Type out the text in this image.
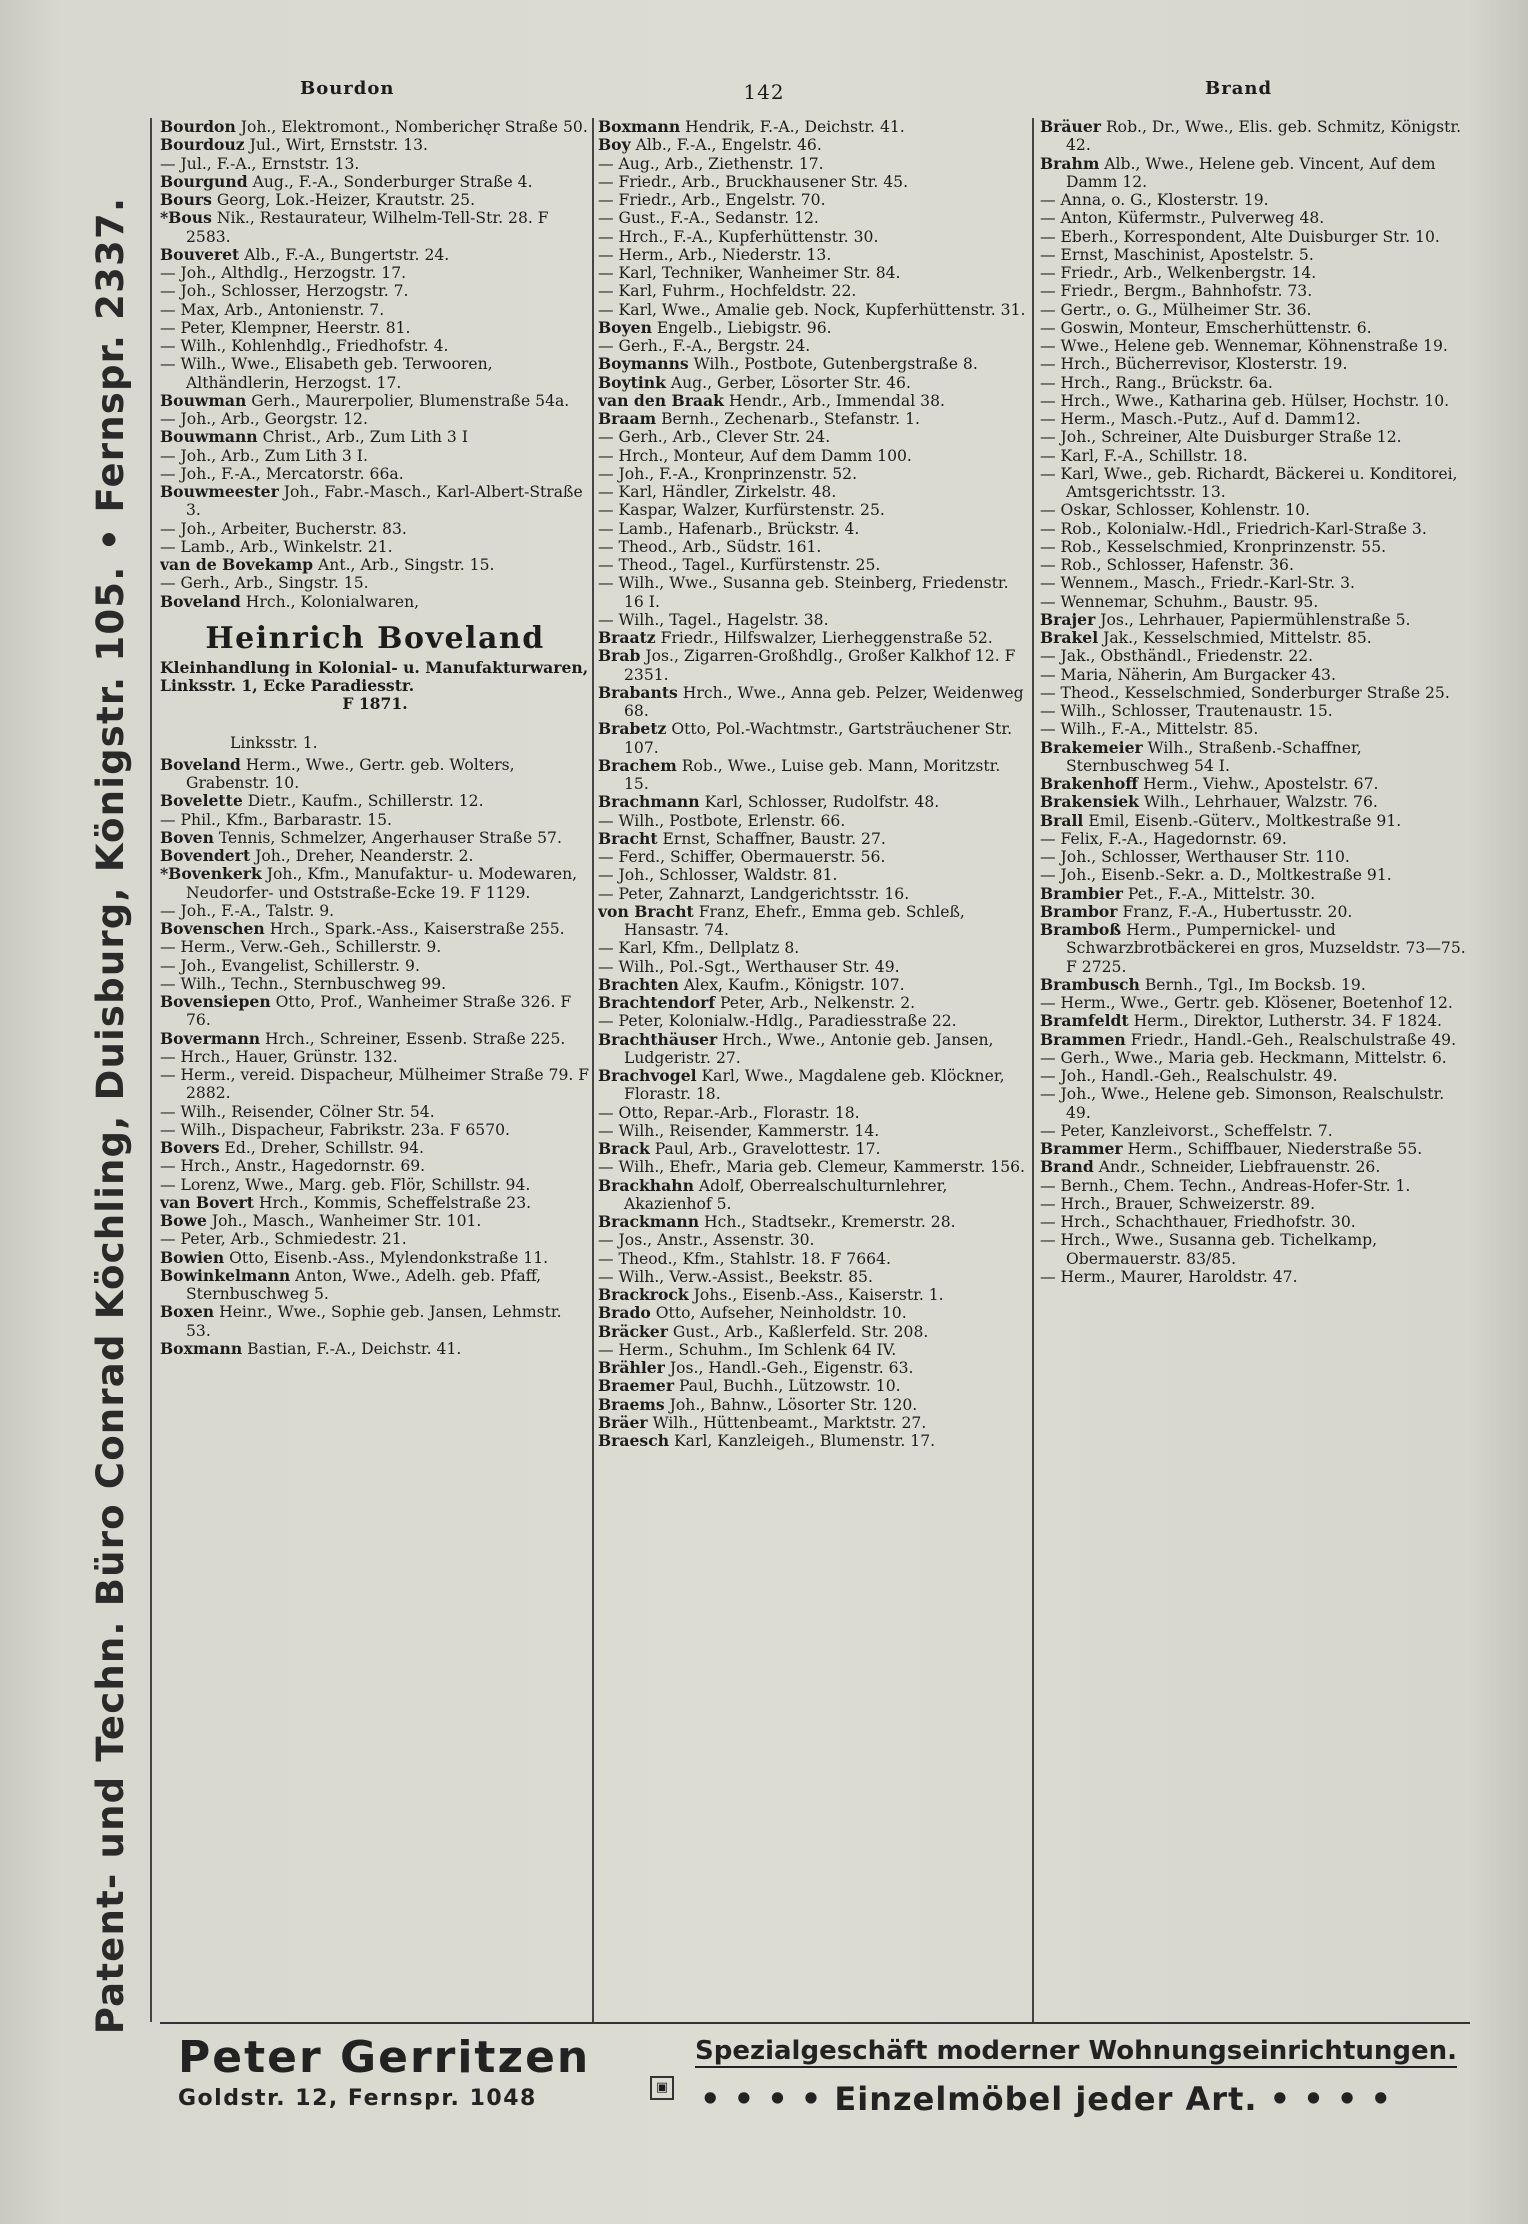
Patent- und Techn. Büro Conrad Köchling, Duisburg, Königstr. 105. • Fernspr. 2337.
Bourdon	142	Brand

Bourdon Joh., Elektromont., Nomberichęr Straße 50.

Bourdouz Jul., Wirt, Ernststr. 13.

— Jul., F.-A., Ernststr. 13.

Bourgund Aug., F.-A., Sonderburger Straße 4.

Bours Georg, Lok.-Heizer, Krautstr. 25.

*Bous Nik., Restaurateur, Wilhelm-Tell-Str. 28. F 2583.

Bouveret Alb., F.-A., Bungertstr. 24.

— Joh., Althdlg., Herzogstr. 17.

— Joh., Schlosser, Herzogstr. 7.

— Max, Arb., Antonienstr. 7.

— Peter, Klempner, Heerstr. 81.

— Wilh., Kohlenhdlg., Friedhofstr. 4.

— Wilh., Wwe., Elisabeth geb. Terwooren, Althändlerin, Herzogst. 17.

Bouwman Gerh., Maurerpolier, Blumenstraße 54a.

— Joh., Arb., Georgstr. 12.

Bouwmann Christ., Arb., Zum Lith 3 I

— Joh., Arb., Zum Lith 3 I.

— Joh., F.-A., Mercatorstr. 66a.

Bouwmeester Joh., Fabr.-Masch., Karl-Albert-Straße 3.

— Joh., Arbeiter, Bucherstr. 83.

— Lamb., Arb., Winkelstr. 21.

van de Bovekamp Ant., Arb., Singstr. 15.

— Gerh., Arb., Singstr. 15.

Boveland Hrch., Kolonialwaren,

Heinrich Boveland
Kleinhandlung in Kolonial- u. Manufakturwaren, Linksstr. 1, Ecke Paradiesstr.
F 1871.
Linksstr. 1.

Boveland Herm., Wwe., Gertr. geb. Wolters, Grabenstr. 10.

Bovelette Dietr., Kaufm., Schillerstr. 12.

— Phil., Kfm., Barbarastr. 15.

Boven Tennis, Schmelzer, Angerhauser Straße 57.

Bovendert Joh., Dreher, Neanderstr. 2.

*Bovenkerk Joh., Kfm., Manufaktur- u. Modewaren, Neudorfer- und Oststraße-Ecke 19. F 1129.

— Joh., F.-A., Talstr. 9.

Bovenschen Hrch., Spark.-Ass., Kaiserstraße 255.

— Herm., Verw.-Geh., Schillerstr. 9.

— Joh., Evangelist, Schillerstr. 9.

— Wilh., Techn., Sternbuschweg 99.

Bovensiepen Otto, Prof., Wanheimer Straße 326. F 76.

Bovermann Hrch., Schreiner, Essenb. Straße 225.

— Hrch., Hauer, Grünstr. 132.

— Herm., vereid. Dispacheur, Mülheimer Straße 79. F 2882.

— Wilh., Reisender, Cölner Str. 54.

— Wilh., Dispacheur, Fabrikstr. 23a. F 6570.

Bovers Ed., Dreher, Schillstr. 94.

— Hrch., Anstr., Hagedornstr. 69.

— Lorenz, Wwe., Marg. geb. Flör, Schillstr. 94.

van Bovert Hrch., Kommis, Scheffelstraße 23.

Bowe Joh., Masch., Wanheimer Str. 101.

— Peter, Arb., Schmiedestr. 21.

Bowien Otto, Eisenb.-Ass., Mylendonkstraße 11.

Bowinkelmann Anton, Wwe., Adelh. geb. Pfaff, Sternbuschweg 5.

Boxen Heinr., Wwe., Sophie geb. Jansen, Lehmstr. 53.

Boxmann Bastian, F.-A., Deichstr. 41.

Boxmann Hendrik, F.-A., Deichstr. 41.

Boy Alb., F.-A., Engelstr. 46.

— Aug., Arb., Ziethenstr. 17.

— Friedr., Arb., Bruckhausener Str. 45.

— Friedr., Arb., Engelstr. 70.

— Gust., F.-A., Sedanstr. 12.

— Hrch., F.-A., Kupferhüttenstr. 30.

— Herm., Arb., Niederstr. 13.

— Karl, Techniker, Wanheimer Str. 84.

— Karl, Fuhrm., Hochfeldstr. 22.

— Karl, Wwe., Amalie geb. Nock, Kupferhüttenstr. 31.

Boyen Engelb., Liebigstr. 96.

— Gerh., F.-A., Bergstr. 24.

Boymanns Wilh., Postbote, Gutenbergstraße 8.

Boytink Aug., Gerber, Lösorter Str. 46.

van den Braak Hendr., Arb., Immendal 38.

Braam Bernh., Zechenarb., Stefanstr. 1.

— Gerh., Arb., Clever Str. 24.

— Hrch., Monteur, Auf dem Damm 100.

— Joh., F.-A., Kronprinzenstr. 52.

— Karl, Händler, Zirkelstr. 48.

— Kaspar, Walzer, Kurfürstenstr. 25.

— Lamb., Hafenarb., Brückstr. 4.

— Theod., Arb., Südstr. 161.

— Theod., Tagel., Kurfürstenstr. 25.

— Wilh., Wwe., Susanna geb. Steinberg, Friedenstr. 16 I.

— Wilh., Tagel., Hagelstr. 38.

Braatz Friedr., Hilfswalzer, Lierheggenstraße 52.

Brab Jos., Zigarren-Großhdlg., Großer Kalkhof 12. F 2351.

Brabants Hrch., Wwe., Anna geb. Pelzer, Weidenweg 68.

Brabetz Otto, Pol.-Wachtmstr., Gartsträuchener Str. 107.

Brachem Rob., Wwe., Luise geb. Mann, Moritzstr. 15.

Brachmann Karl, Schlosser, Rudolfstr. 48.

— Wilh., Postbote, Erlenstr. 66.

Bracht Ernst, Schaffner, Baustr. 27.

— Ferd., Schiffer, Obermauerstr. 56.

— Joh., Schlosser, Waldstr. 81.

— Peter, Zahnarzt, Landgerichtsstr. 16.

von Bracht Franz, Ehefr., Emma geb. Schleß, Hansastr. 74.

— Karl, Kfm., Dellplatz 8.

— Wilh., Pol.-Sgt., Werthauser Str. 49.

Brachten Alex, Kaufm., Königstr. 107.

Brachtendorf Peter, Arb., Nelkenstr. 2.

— Peter, Kolonialw.-Hdlg., Paradiesstraße 22.

Brachthäuser Hrch., Wwe., Antonie geb. Jansen, Ludgeristr. 27.

Brachvogel Karl, Wwe., Magdalene geb. Klöckner, Florastr. 18.

— Otto, Repar.-Arb., Florastr. 18.

— Wilh., Reisender, Kammerstr. 14.

Brack Paul, Arb., Gravelottestr. 17.

— Wilh., Ehefr., Maria geb. Clemeur, Kammerstr. 156.

Brackhahn Adolf, Oberrealschulturnlehrer, Akazienhof 5.

Brackmann Hch., Stadtsekr., Kremerstr. 28.

— Jos., Anstr., Assenstr. 30.

— Theod., Kfm., Stahlstr. 18. F 7664.

— Wilh., Verw.-Assist., Beekstr. 85.

Brackrock Johs., Eisenb.-Ass., Kaiserstr. 1.

Brado Otto, Aufseher, Neinholdstr. 10.

Bräcker Gust., Arb., Kaßlerfeld. Str. 208.

— Herm., Schuhm., Im Schlenk 64 IV.

Brähler Jos., Handl.-Geh., Eigenstr. 63.

Braemer Paul, Buchh., Lützowstr. 10.

Braems Joh., Bahnw., Lösorter Str. 120.

Bräer Wilh., Hüttenbeamt., Marktstr. 27.

Braesch Karl, Kanzleigeh., Blumenstr. 17.

Bräuer Rob., Dr., Wwe., Elis. geb. Schmitz, Königstr. 42.

Brahm Alb., Wwe., Helene geb. Vincent, Auf dem Damm 12.

— Anna, o. G., Klosterstr. 19.

— Anton, Küfermstr., Pulverweg 48.

— Eberh., Korrespondent, Alte Duisburger Str. 10.

— Ernst, Maschinist, Apostelstr. 5.

— Friedr., Arb., Welkenbergstr. 14.

— Friedr., Bergm., Bahnhofstr. 73.

— Gertr., o. G., Mülheimer Str. 36.

— Goswin, Monteur, Emscherhüttenstr. 6.

— Wwe., Helene geb. Wennemar, Köhnenstraße 19.

— Hrch., Bücherrevisor, Klosterstr. 19.

— Hrch., Rang., Brückstr. 6a.

— Hrch., Wwe., Katharina geb. Hülser, Hochstr. 10.

— Herm., Masch.-Putz., Auf d. Damm12.

— Joh., Schreiner, Alte Duisburger Straße 12.

— Karl, F.-A., Schillstr. 18.

— Karl, Wwe., geb. Richardt, Bäckerei u. Konditorei, Amtsgerichtsstr. 13.

— Oskar, Schlosser, Kohlenstr. 10.

— Rob., Kolonialw.-Hdl., Friedrich-Karl-Straße 3.

— Rob., Kesselschmied, Kronprinzenstr. 55.

— Rob., Schlosser, Hafenstr. 36.

— Wennem., Masch., Friedr.-Karl-Str. 3.

— Wennemar, Schuhm., Baustr. 95.

Brajer Jos., Lehrhauer, Papiermühlenstraße 5.

Brakel Jak., Kesselschmied, Mittelstr. 85.

— Jak., Obsthändl., Friedenstr. 22.

— Maria, Näherin, Am Burgacker 43.

— Theod., Kesselschmied, Sonderburger Straße 25.

— Wilh., Schlosser, Trautenaustr. 15.

— Wilh., F.-A., Mittelstr. 85.

Brakemeier Wilh., Straßenb.-Schaffner, Sternbuschweg 54 I.

Brakenhoff Herm., Viehw., Apostelstr. 67.

Brakensiek Wilh., Lehrhauer, Walzstr. 76.

Brall Emil, Eisenb.-Güterv., Moltkestraße 91.

— Felix, F.-A., Hagedornstr. 69.

— Joh., Schlosser, Werthauser Str. 110.

— Joh., Eisenb.-Sekr. a. D., Moltkestraße 91.

Brambier Pet., F.-A., Mittelstr. 30.

Brambor Franz, F.-A., Hubertusstr. 20.

Bramboß Herm., Pumpernickel- und Schwarzbrotbäckerei en gros, Muzseldstr. 73—75. F 2725.

Brambusch Bernh., Tgl., Im Bocksb. 19.

— Herm., Wwe., Gertr. geb. Klösener, Boetenhof 12.

Bramfeldt Herm., Direktor, Lutherstr. 34. F 1824.

Brammen Friedr., Handl.-Geh., Realschulstraße 49.

— Gerh., Wwe., Maria geb. Heckmann, Mittelstr. 6.

— Joh., Handl.-Geh., Realschulstr. 49.

— Joh., Wwe., Helene geb. Simonson, Realschulstr. 49.

— Peter, Kanzleivorst., Scheffelstr. 7.

Brammer Herm., Schiffbauer, Niederstraße 55.

Brand Andr., Schneider, Liebfrauenstr. 26.

— Bernh., Chem. Techn., Andreas-Hofer-Str. 1.

— Hrch., Brauer, Schweizerstr. 89.

— Hrch., Schachthauer, Friedhofstr. 30.

— Hrch., Wwe., Susanna geb. Tichelkamp, Obermauerstr. 83/85.

— Herm., Maurer, Haroldstr. 47.

Peter Gerritzen
Goldstr. 12, Fernspr. 1048	▣
Spezialgeschäft moderner Wohnungseinrichtungen.
• • • • Einzelmöbel jeder Art. • • • •
